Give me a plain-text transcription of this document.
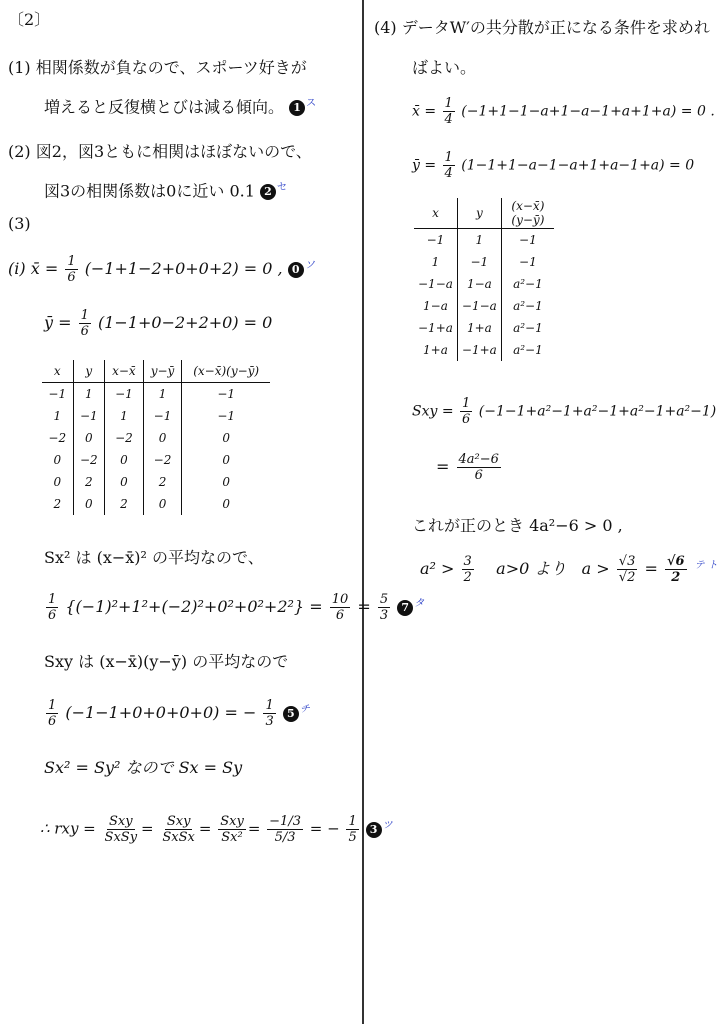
〔2〕
(1) 相関係数が負なので、スポーツ好きが
増えると反復横とびは減る傾向。 1 $^ス$
(2) 図2，図3ともに相関はほぼないので、
図3の相関係数は0に近い 0.1 2 $^セ$
(3)
(i) x̄ = $\frac{1}{6} (-1+1-2+0+0+2) = 0$ , 0 $^ソ$
ȳ = $\frac{1}{6} (1-1+0-2+2+0) = 0$
x	y	x−x̄	y−ȳ	(x−x̄)(y−ȳ)
−1	1	−1	1	−1
1	−1	1	−1	−1
−2	0	−2	0	0
0	−2	0	−2	0
0	2	0	2	0
2	0	2	0	0
Sx² は (x−x̄)² の平均なので、
$\frac{1}{6} \{(-1)^2+1^2+(-2)^2+0^2+0^2+2^2\} = \frac{10}{6} = \frac{5}{3} 7$ $^タ$
Sxy は (x−x̄)(y−ȳ) の平均なので
$\frac{1}{6} (-1-1+0+0+0+0)$ = − $\frac{1}{3} 5$ $^チ$
Sx² = Sy² なので Sx = Sy
∴ rxy = $\frac{\text{Sxy}}{\text{SxSy}} = \frac{\text{Sxy}}{\text{SxSx}} = \frac{\text{Sxy}}{\text{Sx²}} = \frac{-1/3}{5/3}$ = − $\frac{1}{5} 3$ $^ツ$
(4) データW′の共分散が正になる条件を求めれ
ばよい。
x̄ = $\frac{1}{4} (-1+1-1-a+1-a-1+a+1+a) = 0$ .
ȳ = $\frac{1}{4} (1-1+1-a-1-a+1+a-1+a) = 0$
x	y	(x−x̄)(y−ȳ)
−1	1	−1
1	−1	−1
−1−a	1−a	a²−1
1−a	−1−a	a²−1
−1+a	1+a	a²−1
1+a	−1+a	a²−1
Sxy = $\frac{1}{6} (-1-1+a^2-1+a^2-1+a^2-1+a^2-1)$
= $\frac{\text{4a²−6}}{6}$
これが正のとき 4a²−6 > 0 ,
$a^2 > \frac{3}{2} a>0$ より $a > \frac{√3}{√2} = \frac{√6}{2} ^{テ ト}$
